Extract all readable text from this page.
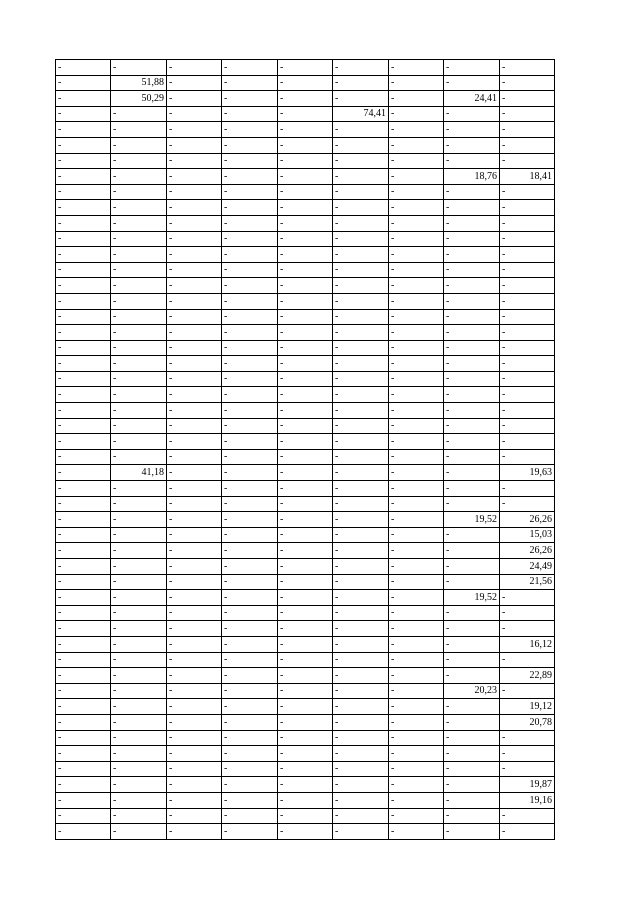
-	-	-	-	-	-	-	-	-
-	51,88	-	-	-	-	-	-	-
-	50,29	-	-	-	-	-	24,41	-
-	-	-	-	-	74,41	-	-	-
-	-	-	-	-	-	-	-	-
-	-	-	-	-	-	-	-	-
-	-	-	-	-	-	-	-	-
-	-	-	-	-	-	-	18,76	18,41
-	-	-	-	-	-	-	-	-
-	-	-	-	-	-	-	-	-
-	-	-	-	-	-	-	-	-
-	-	-	-	-	-	-	-	-
-	-	-	-	-	-	-	-	-
-	-	-	-	-	-	-	-	-
-	-	-	-	-	-	-	-	-
-	-	-	-	-	-	-	-	-
-	-	-	-	-	-	-	-	-
-	-	-	-	-	-	-	-	-
-	-	-	-	-	-	-	-	-
-	-	-	-	-	-	-	-	-
-	-	-	-	-	-	-	-	-
-	-	-	-	-	-	-	-	-
-	-	-	-	-	-	-	-	-
-	-	-	-	-	-	-	-	-
-	-	-	-	-	-	-	-	-
-	-	-	-	-	-	-	-	-
-	41,18	-	-	-	-	-	-	19,63
-	-	-	-	-	-	-	-	-
-	-	-	-	-	-	-	-	-
-	-	-	-	-	-	-	19,52	26,26
-	-	-	-	-	-	-	-	15,03
-	-	-	-	-	-	-	-	26,26
-	-	-	-	-	-	-	-	24,49
-	-	-	-	-	-	-	-	21,56
-	-	-	-	-	-	-	19,52	-
-	-	-	-	-	-	-	-	-
-	-	-	-	-	-	-	-	-
-	-	-	-	-	-	-	-	16,12
-	-	-	-	-	-	-	-	-
-	-	-	-	-	-	-	-	22,89
-	-	-	-	-	-	-	20,23	-
-	-	-	-	-	-	-	-	19,12
-	-	-	-	-	-	-	-	20,78
-	-	-	-	-	-	-	-	-
-	-	-	-	-	-	-	-	-
-	-	-	-	-	-	-	-	-
-	-	-	-	-	-	-	-	19,87
-	-	-	-	-	-	-	-	19,16
-	-	-	-	-	-	-	-	-
-	-	-	-	-	-	-	-	-
